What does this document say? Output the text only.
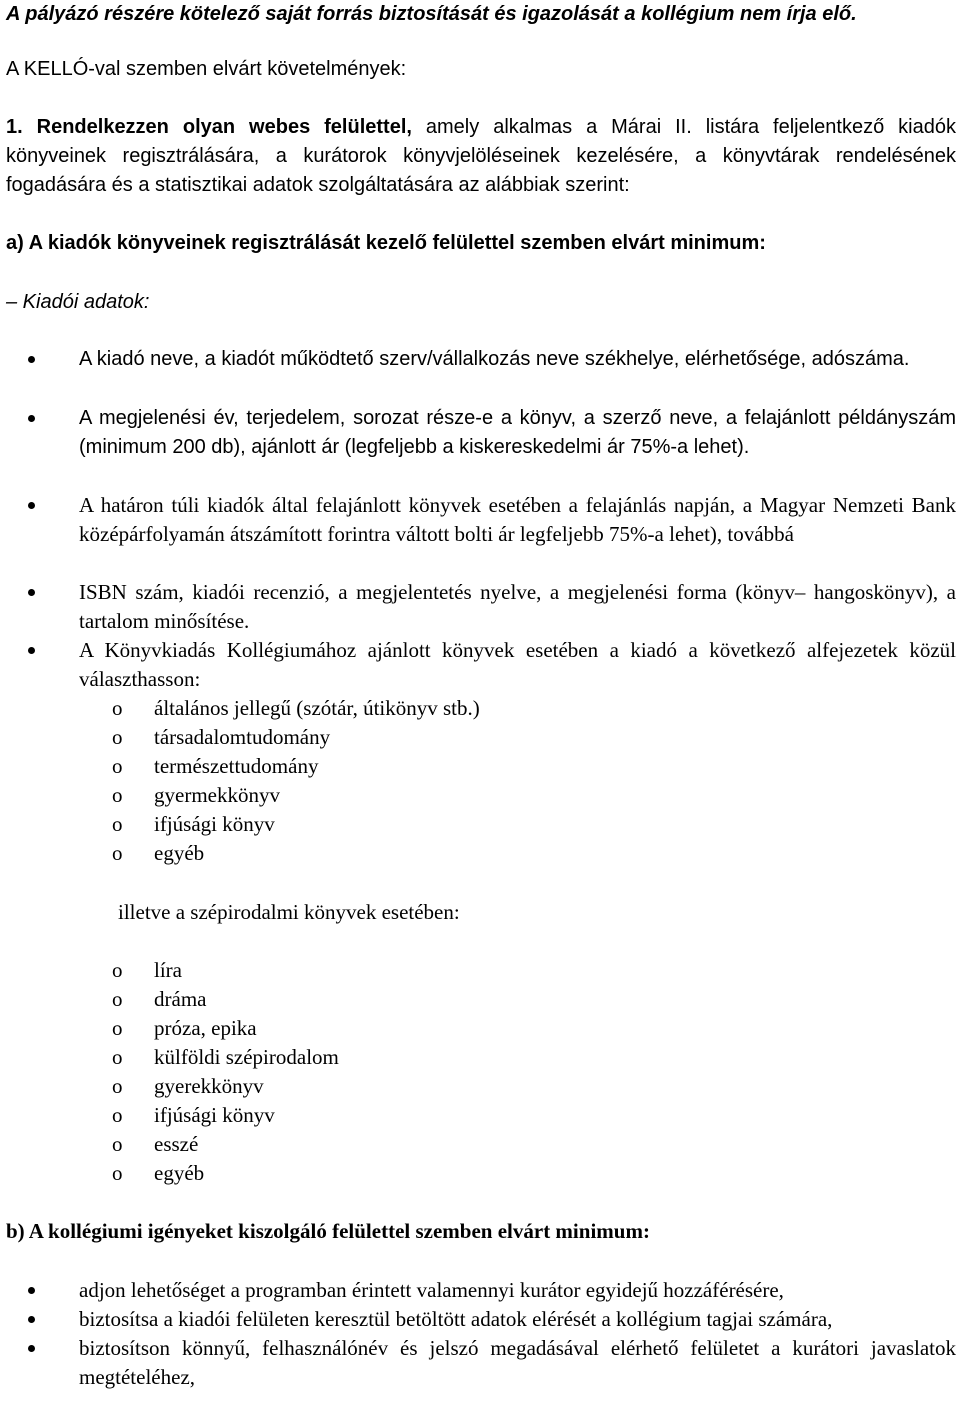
A pályázó részére kötelező saját forrás biztosítását és igazolását a kollégium nem írja elő.

A KELLÓ-val szemben elvárt követelmények:

1. Rendelkezzen olyan webes felülettel, amely alkalmas a Márai II. listára feljelentkező kiadók könyveinek regisztrálására, a kurátorok könyvjelöléseinek kezelésére, a könyvtárak rendelésének fogadására és a statisztikai adatok szolgáltatására az alábbiak szerint:

a) A kiadók könyveinek regisztrálását kezelő felülettel szemben elvárt minimum:

– Kiadói adatok:

A kiadó neve, a kiadót működtető szerv/vállalkozás neve székhelye, elérhetősége, adószáma.
A megjelenési év, terjedelem, sorozat része-e a könyv, a szerző neve, a felajánlott példányszám (minimum 200 db), ajánlott ár (legfeljebb a kiskereskedelmi ár 75%-a lehet).
A határon túli kiadók által felajánlott könyvek esetében a felajánlás napján, a Magyar Nemzeti Bank középárfolyamán átszámított forintra váltott bolti ár legfeljebb 75%-a lehet), továbbá
ISBN szám, kiadói recenzió, a megjelentetés nyelve, a megjelenési forma (könyv– hangoskönyv), a tartalom minősítése.
A Könyvkiadás Kollégiumához ajánlott könyvek esetében a kiadó a következő alfejezetek közül választhasson:
o általános jellegű (szótár, útikönyv stb.)
o társadalomtudomány
o természettudomány
o gyermekkönyv
o ifjúsági könyv
o egyéb

illetve a szépirodalmi könyvek esetében:

o líra
o dráma
o próza, epika
o külföldi szépirodalom
o gyerekkönyv
o ifjúsági könyv
o esszé
o egyéb

b) A kollégiumi igényeket kiszolgáló felülettel szemben elvárt minimum:

adjon lehetőséget a programban érintett valamennyi kurátor egyidejű hozzáférésére,
biztosítsa a kiadói felületen keresztül betöltött adatok elérését a kollégium tagjai számára,
biztosítson könnyű, felhasználónév és jelszó megadásával elérhető felületet a kurátori javaslatok megtételéhez,
